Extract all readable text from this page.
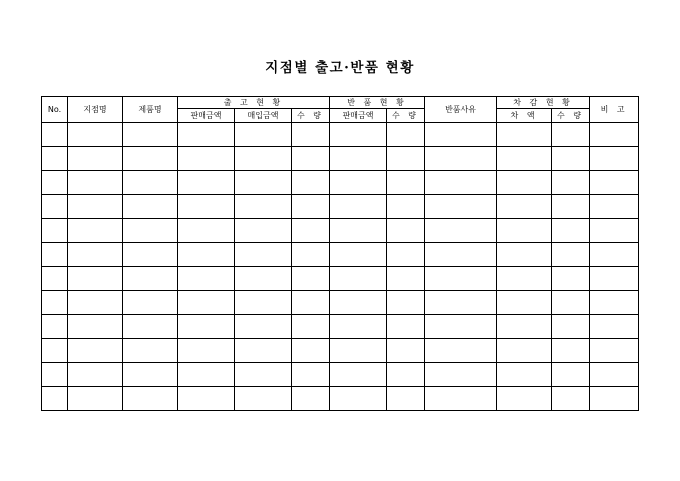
지점별 출고·반품 현황
No.	지점명	제품명	출 고 현 황			반 품 현 황		반품사유	차 감 현 황		비 고
			판매금액	매입금액	수 량	판매금액	수 량		차 액	수 량	
